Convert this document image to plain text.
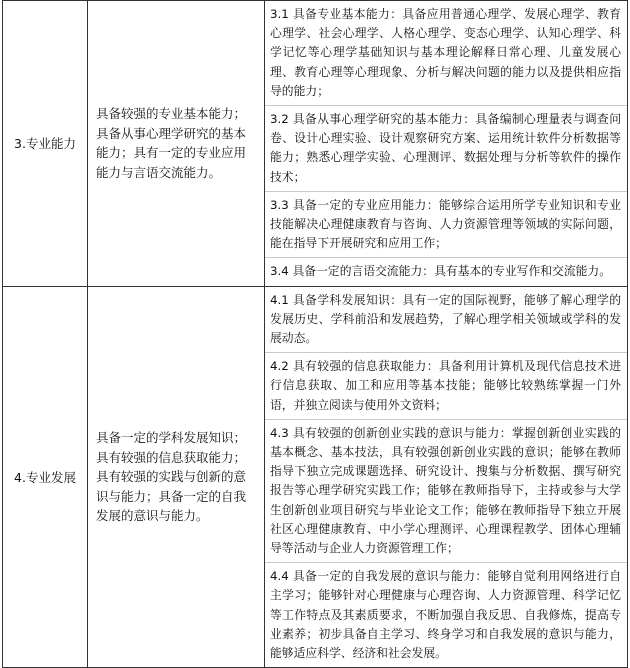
3.专业能力	具备较强的专业基本能力；具备从事心理学研究的基本能力；具有一定的专业应用能力与言语交流能力。	3.1 具备专业基本能力：具备应用普通心理学、发展心理学、教育心理学、社会心理学、人格心理学、变态心理学、认知心理学、科学记忆等心理学基础知识与基本理论解释日常心理、儿童发展心理、教育心理等心理现象、分析与解决问题的能力以及提供相应指导的能力；
3.2 具备从事心理学研究的基本能力：具备编制心理量表与调查问卷、设计心理实验、设计观察研究方案、运用统计软件分析数据等能力；熟悉心理学实验、心理测评、数据处理与分析等软件的操作技术；
3.3 具备一定的专业应用能力：能够综合运用所学专业知识和专业技能解决心理健康教育与咨询、人力资源管理等领域的实际问题，能在指导下开展研究和应用工作；
3.4 具备一定的言语交流能力：具有基本的专业写作和交流能力。

4.专业发展	具备一定的学科发展知识；具有较强的信息获取能力；具有较强的实践与创新的意识与能力；具备一定的自我发展的意识与能力。	4.1 具备学科发展知识：具有一定的国际视野，能够了解心理学的发展历史、学科前沿和发展趋势，了解心理学相关领域或学科的发展动态。
4.2 具有较强的信息获取能力：具备利用计算机及现代信息技术进行信息获取、加工和应用等基本技能；能够比较熟练掌握一门外语，并独立阅读与使用外文资料；
4.3 具有较强的创新创业实践的意识与能力：掌握创新创业实践的基本概念、基本技法，具有较强创新创业实践的意识；能够在教师指导下独立完成课题选择、研究设计、搜集与分析数据、撰写研究报告等心理学研究实践工作；能够在教师指导下，主持或参与大学生创新创业项目研究与毕业论文工作；能够在教师指导下独立开展社区心理健康教育、中小学心理测评、心理课程教学、团体心理辅导等活动与企业人力资源管理工作；
4.4 具备一定的自我发展的意识与能力：能够自觉利用网络进行自主学习；能够针对心理健康与心理咨询、人力资源管理、科学记忆等工作特点及其素质要求，不断加强自我反思、自我修炼，提高专业素养；初步具备自主学习、终身学习和自我发展的意识与能力，能够适应科学、经济和社会发展。
